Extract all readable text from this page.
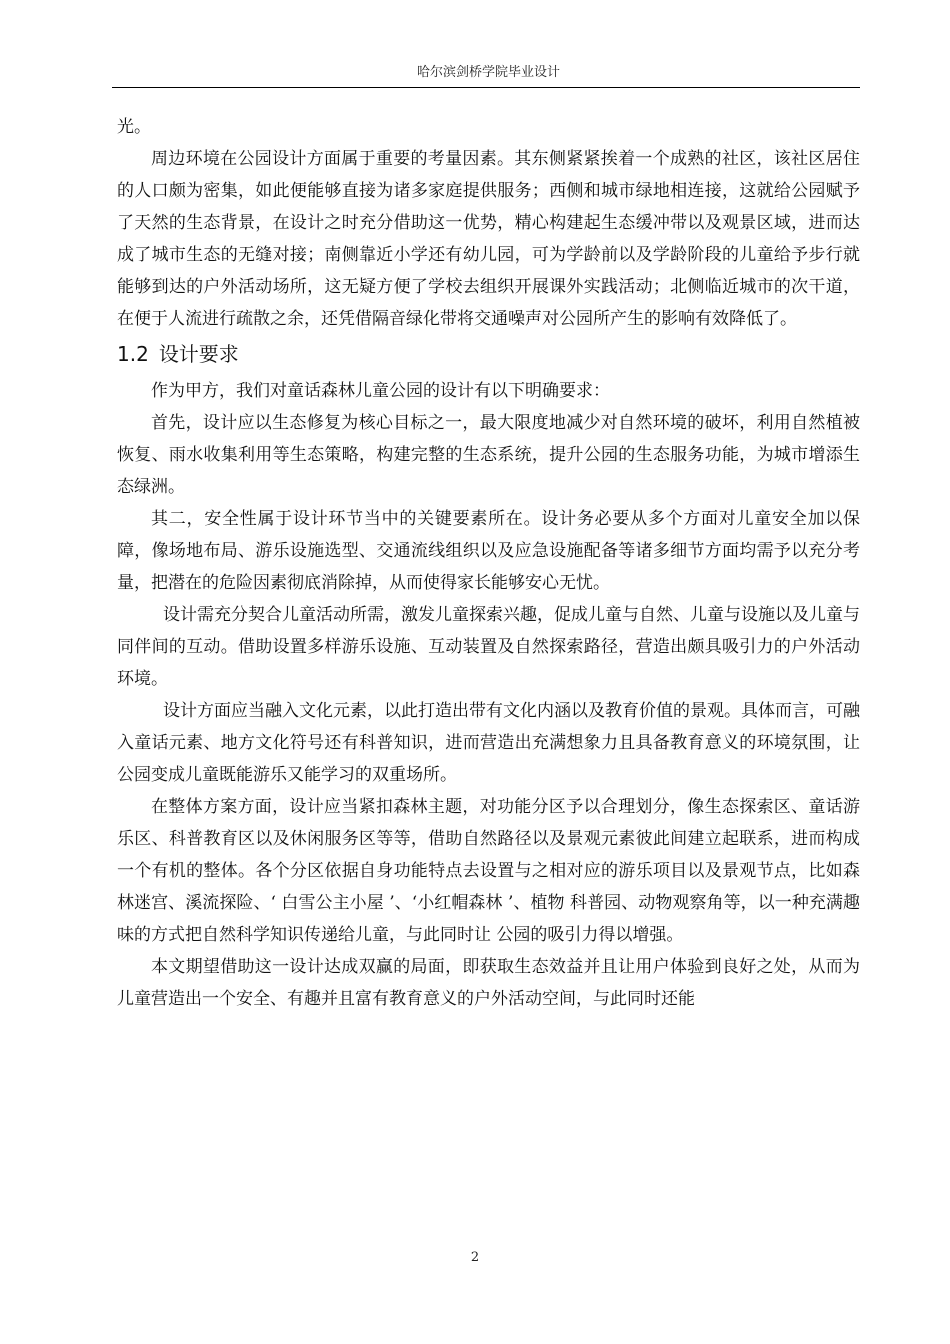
哈尔滨剑桥学院毕业设计

光。

周边环境在公园设计方面属于重要的考量因素。其东侧紧紧挨着一个成熟的社区，该社区居住的人口颇为密集，如此便能够直接为诸多家庭提供服务；西侧和城市绿地相连接，这就给公园赋予了天然的生态背景，在设计之时充分借助这一优势，精心构建起生态缓冲带以及观景区域，进而达成了城市生态的无缝对接；南侧靠近小学还有幼儿园，可为学龄前以及学龄阶段的儿童给予步行就能够到达的户外活动场所，这无疑方便了学校去组织开展课外实践活动；北侧临近城市的次干道，在便于人流进行疏散之余，还凭借隔音绿化带将交通噪声对公园所产生的影响有效降低了。

1.2 设计要求

作为甲方，我们对童话森林儿童公园的设计有以下明确要求：

首先，设计应以生态修复为核心目标之一，最大限度地减少对自然环境的破坏，利用自然植被恢复、雨水收集利用等生态策略，构建完整的生态系统，提升公园的生态服务功能，为城市增添生态绿洲。

其二，安全性属于设计环节当中的关键要素所在。设计务必要从多个方面对儿童安全加以保障，像场地布局、游乐设施选型、交通流线组织以及应急设施配备等诸多细节方面均需予以充分考量，把潜在的危险因素彻底消除掉，从而使得家长能够安心无忧。

设计需充分契合儿童活动所需，激发儿童探索兴趣，促成儿童与自然、儿童与设施以及儿童与同伴间的互动。借助设置多样游乐设施、互动装置及自然探索路径，营造出颇具吸引力的户外活动环境。

设计方面应当融入文化元素，以此打造出带有文化内涵以及教育价值的景观。具体而言，可融入童话元素、地方文化符号还有科普知识，进而营造出充满想象力且具备教育意义的环境氛围，让公园变成儿童既能游乐又能学习的双重场所。

在整体方案方面，设计应当紧扣森林主题，对功能分区予以合理划分，像生态探索区、童话游乐区、科普教育区以及休闲服务区等等，借助自然路径以及景观元素彼此间建立起联系，进而构成一个有机的整体。各个分区依据自身功能特点去设置与之相对应的游乐项目以及景观节点，比如森林迷宫、溪流探险、‘ 白雪公主小屋 ’、‘小红帽森林 ’、植物 科普园、动物观察角等，以一种充满趣味的方式把自然科学知识传递给儿童，与此同时让 公园的吸引力得以增强。

本文期望借助这一设计达成双赢的局面，即获取生态效益并且让用户体验到良好之处，从而为儿童营造出一个安全、有趣并且富有教育意义的户外活动空间，与此同时还能

2
